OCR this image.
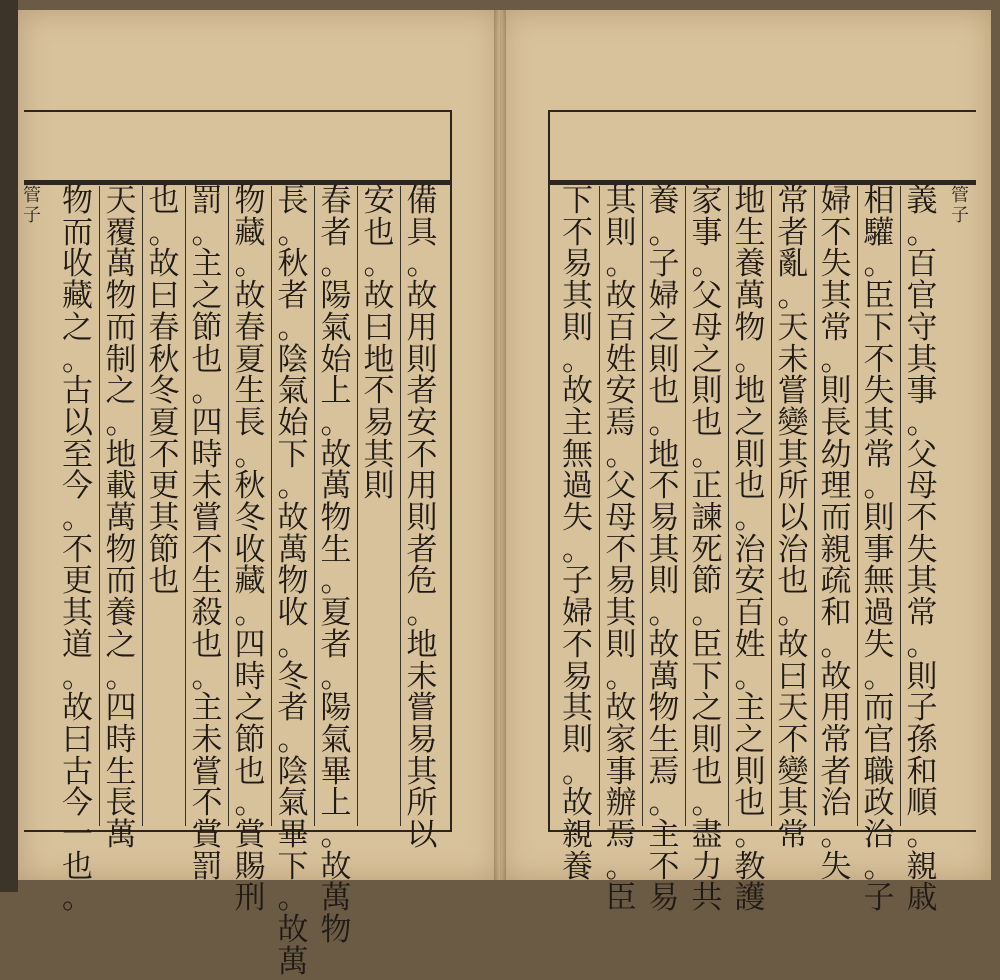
備
具
。
故
用
則
者
安
不
用
則
者
危
。
地
未
嘗
易
其
所
以
安
也
。
故
曰
地
不
易
其
則
春
者
。
陽
氣
始
上
。
故
萬
物
生
。
夏
者
。
陽
氣
畢
上
。
故
萬
物
長
。
秋
者
。
陰
氣
始
下
。
故
萬
物
收
。
冬
者
。
陰
氣
畢
下
。
故
萬
物
藏
。
故
春
夏
生
長
。
秋
冬
收
藏
。
四
時
之
節
也
。
賞
賜
刑
罰
。
主
之
節
也
。
四
時
未
嘗
不
生
殺
也
。
主
未
嘗
不
賞
罰
也
。
故
曰
春
秋
冬
夏
不
更
其
節
也
天
覆
萬
物
而
制
之
。
地
載
萬
物
而
養
之
。
四
時
生
長
萬
物
而
收
藏
之
。
古
以
至
今
。
不
更
其
道
。
故
曰
古
今
一
也
。
管
子	義
。
百
官
守
其
事
。
父
母
不
失
其
常
。
則
子
孫
和
順
。
親
戚
相
驩
。
臣
下
不
失
其
常
。
則
事
無
過
失
。
而
官
職
政
治
。
子
婦
不
失
其
常
。
則
長
幼
理
而
親
疏
和
。
故
用
常
者
治
。
失
常
者
亂
。
天
未
嘗
變
其
所
以
治
也
。
故
曰
天
不
變
其
常
地
生
養
萬
物
。
地
之
則
也
。
治
安
百
姓
。
主
之
則
也
。
教
護
家
事
。
父
母
之
則
也
。
正
諫
死
節
。
臣
下
之
則
也
。
盡
力
共
養
。
子
婦
之
則
也
。
地
不
易
其
則
。
故
萬
物
生
焉
。
主
不
易
其
則
。
故
百
姓
安
焉
。
父
母
不
易
其
則
。
故
家
事
辦
焉
。
臣
下
不
易
其
則
。
故
主
無
過
失
。
子
婦
不
易
其
則
。
故
親
養
管
子
